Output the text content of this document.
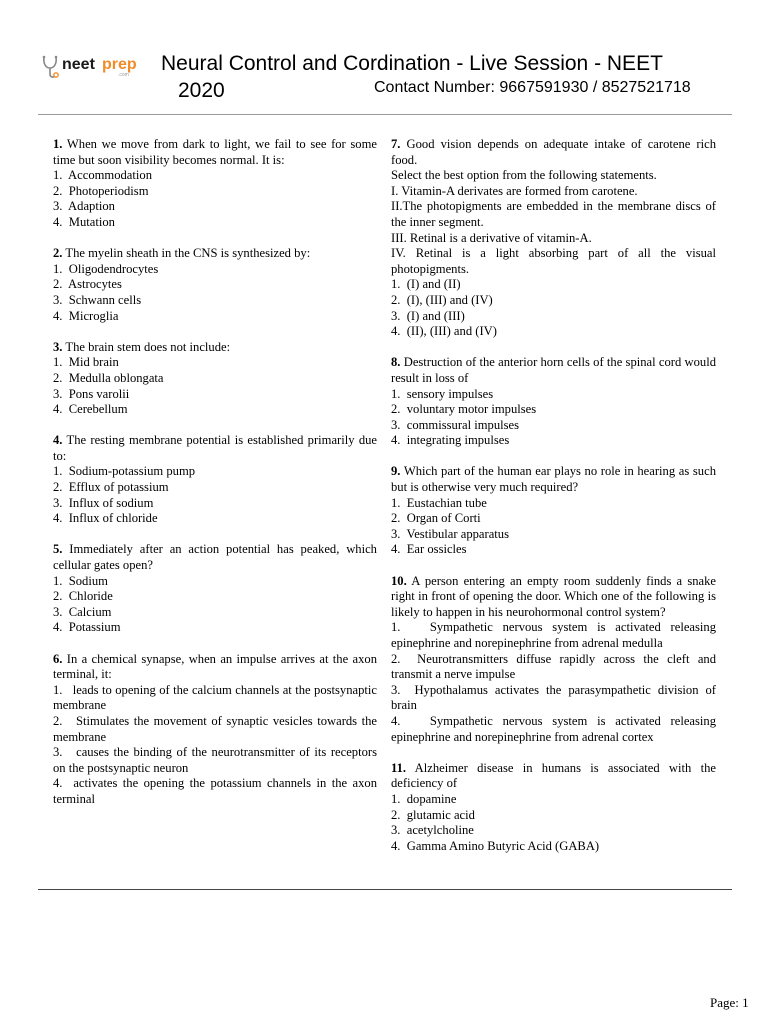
neet prep
.com Neural Control and Cordination - Live Session - NEET
2020	Contact Number: 9667591930 / 8527521718
1. When we move from dark to light, we fail to see for some time but soon visibility becomes normal. It is:
1.  Accommodation
2.  Photoperiodism
3.  Adaption
4.  Mutation
2. The myelin sheath in the CNS is synthesized by:
1.  Oligodendrocytes
2.  Astrocytes
3.  Schwann cells
4.  Microglia
3. The brain stem does not include:
1.  Mid brain
2.  Medulla oblongata
3.  Pons varolii
4.  Cerebellum
4. The resting membrane potential is established primarily due to:
1.  Sodium-potassium pump
2.  Efflux of potassium
3.  Influx of sodium
4.  Influx of chloride
5. Immediately after an action potential has peaked, which cellular gates open?
1.  Sodium
2.  Chloride
3.  Calcium
4.  Potassium
6. In a chemical synapse, when an impulse arrives at the axon terminal, it:
1.   leads to opening of the calcium channels at the postsynaptic membrane
2.   Stimulates the movement of synaptic vesicles towards the membrane
3.   causes the binding of the neurotransmitter of its receptors on the postsynaptic neuron
4.  activates the opening the potassium channels in the axon terminal
7. Good vision depends on adequate intake of carotene rich food.
Select the best option from the following statements.
I. Vitamin-A derivates are formed from carotene.
II.The photopigments are embedded in the membrane discs of the inner segment.
III. Retinal is a derivative of vitamin-A.
IV. Retinal is a light absorbing part of all the visual photopigments.
1.  (I) and (II)
2.  (I), (III) and (IV)
3.  (I) and (III)
4.  (II), (III) and (IV)
8. Destruction of the anterior horn cells of the spinal cord would result in loss of
1.  sensory impulses
2.  voluntary motor impulses
3.  commissural impulses
4.  integrating impulses
9. Which part of the human ear plays no role in hearing as such but is otherwise very much required?
1.  Eustachian tube
2.  Organ of Corti
3.  Vestibular apparatus
4.  Ear ossicles
10. A person entering an empty room suddenly finds a snake right in front of opening the door. Which one of the following is likely to happen in his neurohormonal control system?
1.   Sympathetic nervous system is activated releasing epinephrine and norepinephrine from adrenal medulla
2.  Neurotransmitters diffuse rapidly across the cleft and transmit a nerve impulse
3.  Hypothalamus activates the parasympathetic division of brain
4.   Sympathetic nervous system is activated releasing epinephrine and norepinephrine from adrenal cortex
11. Alzheimer disease in humans is associated with the deficiency of
1.  dopamine
2.  glutamic acid
3.  acetylcholine
4.  Gamma Amino Butyric Acid (GABA)
Page: 1
